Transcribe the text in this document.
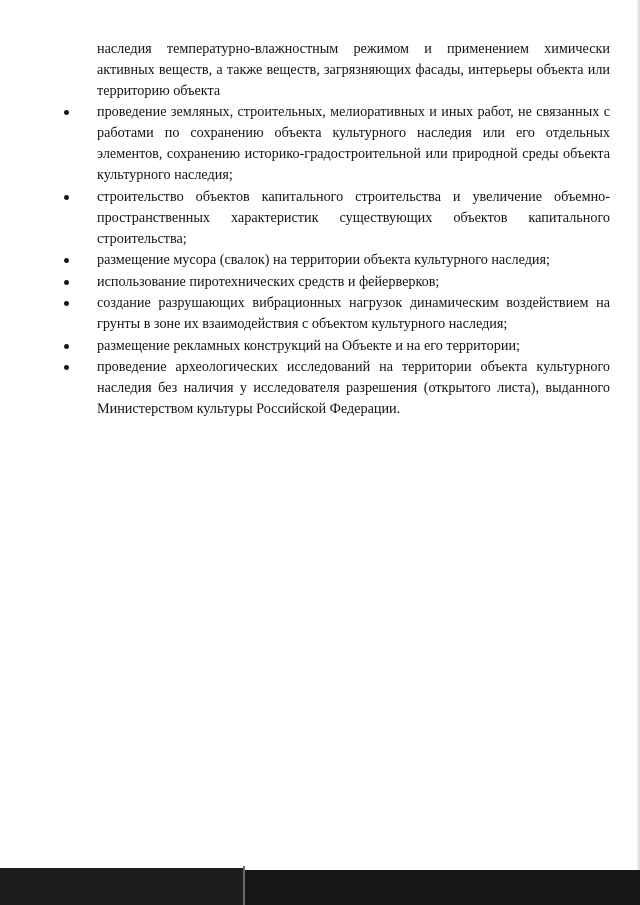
наследия температурно-влажностным режимом и применением химически активных веществ, а также веществ, загрязняющих фасады, интерьеры объекта или территорию объекта
проведение земляных, строительных, мелиоративных и иных работ, не связанных с работами по сохранению объекта культурного наследия или его отдельных элементов, сохранению историко-градостроительной или природной среды объекта культурного наследия;
строительство объектов капитального строительства и увеличение объемно-пространственных характеристик существующих объектов капитального строительства;
размещение мусора (свалок) на территории объекта культурного наследия;
использование пиротехнических средств и фейерверков;
создание разрушающих вибрационных нагрузок динамическим воздействием на грунты в зоне их взаимодействия с объектом культурного наследия;
размещение рекламных конструкций на Объекте и на его территории;
проведение археологических исследований на территории объекта культурного наследия без наличия у исследователя разрешения (открытого листа), выданного Министерством культуры Российской Федерации.
